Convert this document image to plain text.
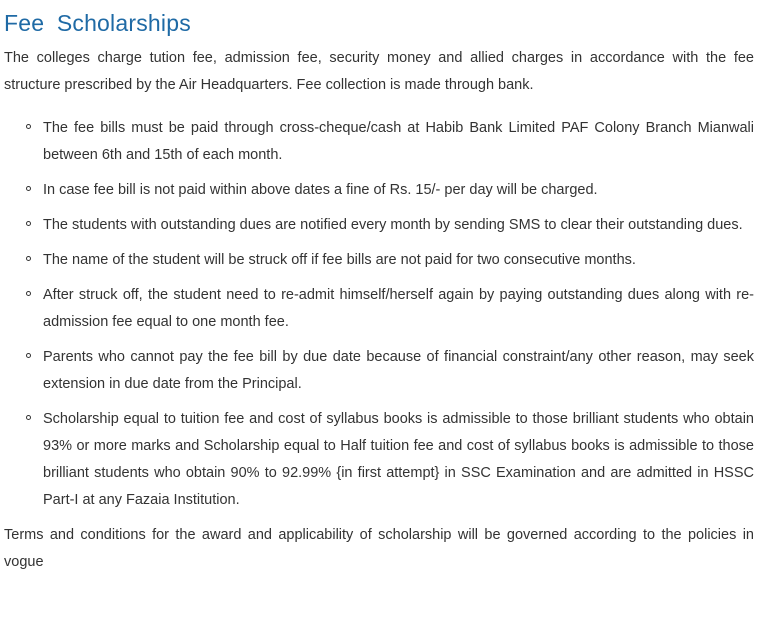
Fee Scholarships

The colleges charge tution fee, admission fee, security money and allied charges in accordance with the fee structure prescribed by the Air Headquarters. Fee collection is made through bank.

The fee bills must be paid through cross-cheque/cash at Habib Bank Limited PAF Colony Branch Mianwali between 6th and 15th of each month.
In case fee bill is not paid within above dates a fine of Rs. 15/- per day will be charged.
The students with outstanding dues are notified every month by sending SMS to clear their outstanding dues.
The name of the student will be struck off if fee bills are not paid for two consecutive months.
After struck off, the student need to re-admit himself/herself again by paying outstanding dues along with re-admission fee equal to one month fee.
Parents who cannot pay the fee bill by due date because of financial constraint/any other reason, may seek extension in due date from the Principal.
Scholarship equal to tuition fee and cost of syllabus books is admissible to those brilliant students who obtain 93% or more marks and Scholarship equal to Half tuition fee and cost of syllabus books is admissible to those brilliant students who obtain 90% to 92.99% {in first attempt} in SSC Examination and are admitted in HSSC Part-I at any Fazaia Institution.

Terms and conditions for the award and applicability of scholarship will be governed according to the policies in vogue
